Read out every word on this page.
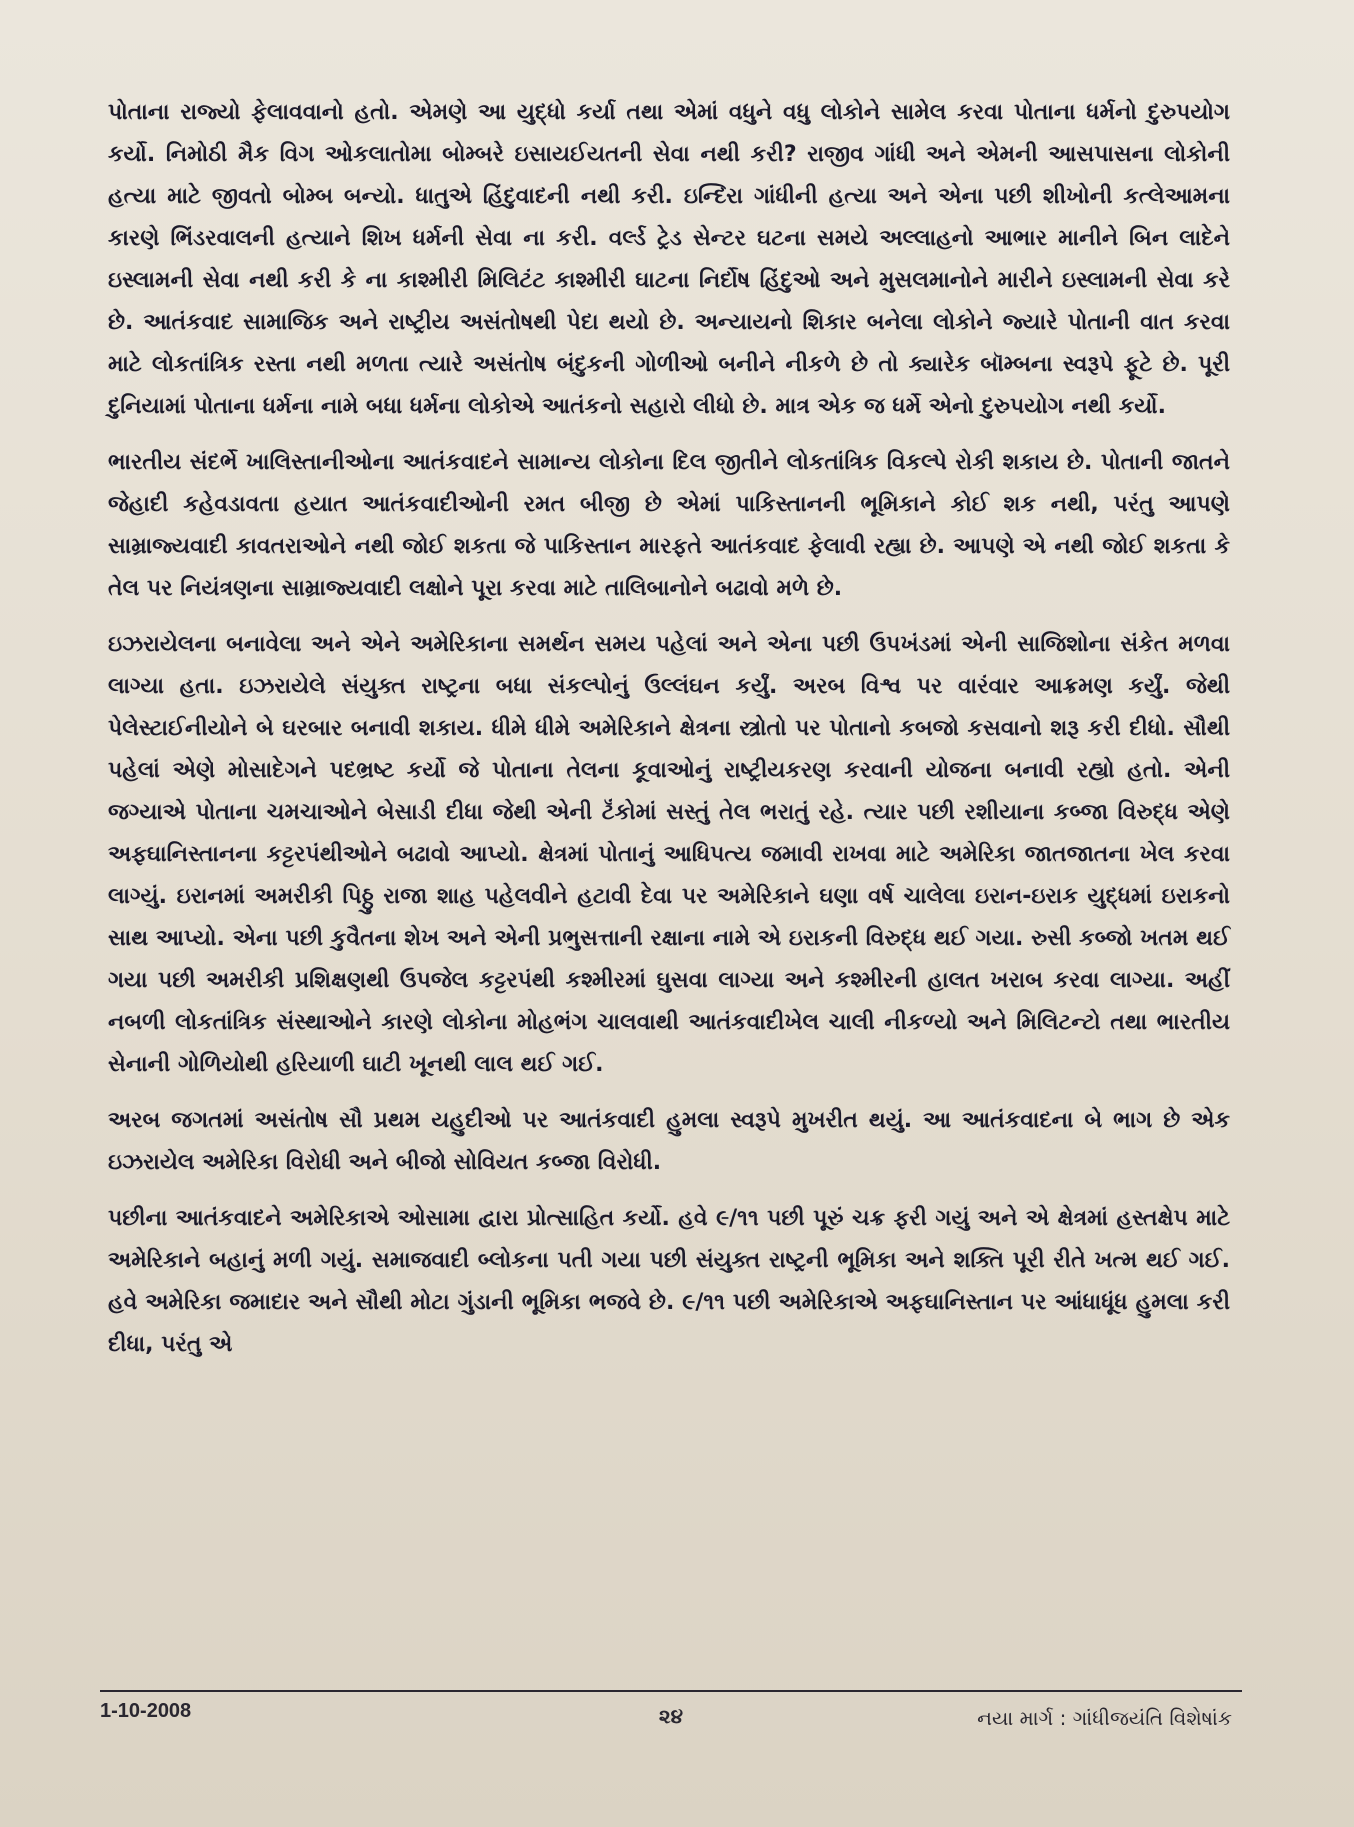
પોતાના રાજ્યો ફેલાવવાનો હતો. એમણે આ યુદ્ધો કર્યા તથા એમાં વધુને વધુ લોકોને સામેલ કરવા પોતાના ધર્મનો દુરુપયોગ કર્યો. નિમોઠી મૈક વિગ ઓકલાતોમા બોમ્બરે ઇસાયઈયતની સેવા નથી કરી? રાજીવ ગાંધી અને એમની આસપાસના લોકોની હત્યા માટે જીવતો બોમ્બ બન્યો. ધાતુએ હિંદુવાદની નથી કરી. ઇન્દિરા ગાંધીની હત્યા અને એના પછી શીખોની કત્લેઆમના કારણે ભિંડરવાલની હત્યાને શિખ ધર્મની સેવા ના કરી. વર્લ્ડ ટ્રેડ સેન્ટર ઘટના સમયે અલ્લાહનો આભાર માનીને બિન લાદેને ઇસ્લામની સેવા નથી કરી કે ના કાશ્મીરી મિલિટંટ કાશ્મીરી ઘાટના નિર્દોષ હિંદુઓ અને મુસલમાનોને મારીને ઇસ્લામની સેવા કરે છે. આતંકવાદ સામાજિક અને રાષ્ટ્રીય અસંતોષથી પેદા થયો છે. અન્યાયનો શિકાર બનેલા લોકોને જ્યારે પોતાની વાત કરવા માટે લોકતાંત્રિક રસ્તા નથી મળતા ત્યારે અસંતોષ બંદુકની ગોળીઓ બનીને નીકળે છે તો ક્યારેક બૉમ્બના સ્વરૂપે ફૂટે છે. પૂરી દુનિયામાં પોતાના ધર્મના નામે બધા ધર્મના લોકોએ આતંકનો સહારો લીધો છે. માત્ર એક જ ધર્મે એનો દુરુપયોગ નથી કર્યો.

ભારતીય સંદર્ભે ખાલિસ્તાનીઓના આતંકવાદને સામાન્ય લોકોના દિલ જીતીને લોકતાંત્રિક વિકલ્પે રોકી શકાય છે. પોતાની જાતને જેહાદી કહેવડાવતા હયાત આતંકવાદીઓની રમત બીજી છે એમાં પાકિસ્તાનની ભૂમિકાને કોઈ શક નથી, પરંતુ આપણે સામ્રાજ્યવાદી કાવતરાઓને નથી જોઈ શકતા જે પાકિસ્તાન મારફતે આતંકવાદ ફેલાવી રહ્યા છે. આપણે એ નથી જોઈ શકતા કે તેલ પર નિયંત્રણના સામ્રાજ્યવાદી લક્ષોને પૂરા કરવા માટે તાલિબાનોને બઢાવો મળે છે.

ઇઝરાયેલના બનાવેલા અને એને અમેરિકાના સમર્થન સમય પહેલાં અને એના પછી ઉપખંડમાં એની સાજિશોના સંકેત મળવા લાગ્યા હતા. ઇઝરાયેલે સંયુક્ત રાષ્ટ્રના બધા સંકલ્પોનું ઉલ્લંઘન કર્યું. અરબ વિશ્વ પર વારંવાર આક્રમણ કર્યું. જેથી પેલેસ્ટાઈનીયોને બે ઘરબાર બનાવી શકાય. ધીમે ધીમે અમેરિકાને ક્ષેત્રના સ્ત્રોતો પર પોતાનો કબજો કસવાનો શરૂ કરી દીધો. સૌથી પહેલાં એણે મોસાદેગને પદભ્રષ્ટ કર્યો જે પોતાના તેલના કૂવાઓનું રાષ્ટ્રીયકરણ કરવાની યોજના બનાવી રહ્યો હતો. એની જગ્યાએ પોતાના ચમચાઓને બેસાડી દીધા જેથી એની ટૅંકોમાં સસ્તું તેલ ભરાતું રહે. ત્યાર પછી રશીયાના કબ્જા વિરુદ્ધ એણે અફઘાનિસ્તાનના કટ્ટરપંથીઓને બઢાવો આપ્યો. ક્ષેત્રમાં પોતાનું આધિપત્ય જમાવી રાખવા માટે અમેરિકા જાતજાતના ખેલ કરવા લાગ્યું. ઇરાનમાં અમરીકી પિઠ્ઠુ રાજા શાહ પહેલવીને હટાવી દેવા પર અમેરિકાને ઘણા વર્ષ ચાલેલા ઇરાન-ઇરાક યુદ્ધમાં ઇરાકનો સાથ આપ્યો. એના પછી કુવૈતના શેખ અને એની પ્રભુસત્તાની રક્ષાના નામે એ ઇરાકની વિરુદ્ધ થઈ ગયા. રુસી કબ્જો ખતમ થઈ ગયા પછી અમરીકી પ્રશિક્ષણથી ઉપજેલ કટ્ટરપંથી કશ્મીરમાં ઘુસવા લાગ્યા અને કશ્મીરની હાલત ખરાબ કરવા લાગ્યા. અહીં નબળી લોકતાંત્રિક સંસ્થાઓને કારણે લોકોના મોહભંગ ચાલવાથી આતંકવાદીખેલ ચાલી નીકળ્યો અને મિલિટન્ટો તથા ભારતીય સેનાની ગોળિયોથી હરિયાળી ઘાટી ખૂનથી લાલ થઈ ગઈ.

અરબ જગતમાં અસંતોષ સૌ પ્રથમ યહુદીઓ પર આતંકવાદી હુમલા સ્વરૂપે મુખરીત થયું. આ આતંકવાદના બે ભાગ છે એક ઇઝરાયેલ અમેરિકા વિરોધી અને બીજો સોવિયત કબ્જા વિરોધી.

પછીના આતંકવાદને અમેરિકાએ ઓસામા દ્વારા પ્રોત્સાહિત કર્યો. હવે ૯/૧૧ પછી પૂરું ચક્ર ફરી ગયું અને એ ક્ષેત્રમાં હસ્તક્ષેપ માટે અમેરિકાને બહાનું મળી ગયું. સમાજવાદી બ્લોકના પતી ગયા પછી સંયુક્ત રાષ્ટ્રની ભૂમિકા અને શક્તિ પૂરી રીતે ખત્મ થઈ ગઈ. હવે અમેરિકા જમાદાર અને સૌથી મોટા ગુંડાની ભૂમિકા ભજવે છે. ૯/૧૧ પછી અમેરિકાએ અફઘાનિસ્તાન પર આંધાધૂંધ હુમલા કરી દીધા, પરંતુ એ

1-10-2008	૨૪	નયા માર્ગ : ગાંધીજયંતિ વિશેષાંક
